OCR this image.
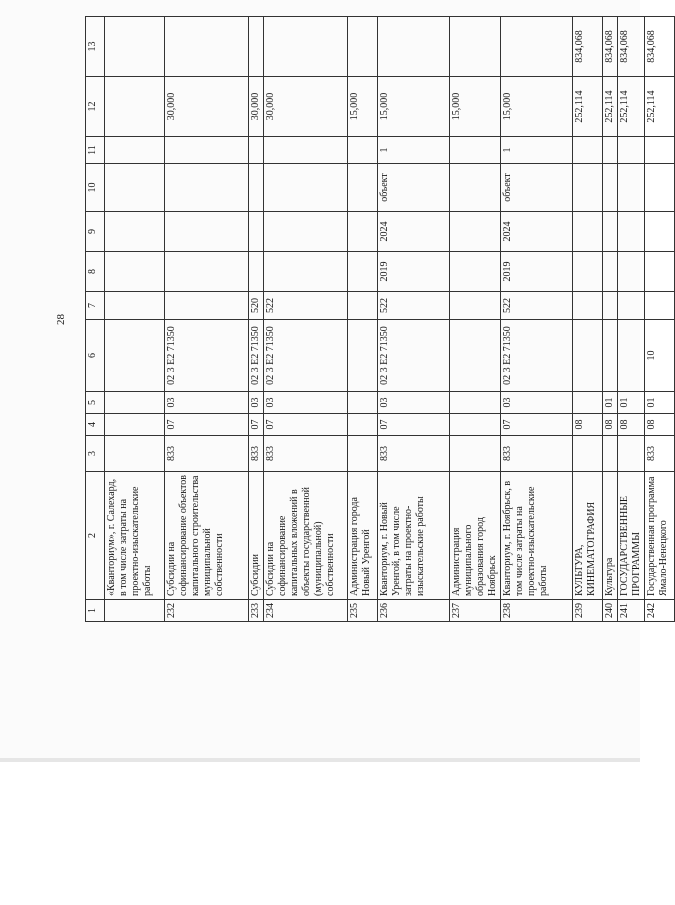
28
1	2	3	4	5	6	7	8	9	10	11	12	13
	«Кванториум», г. Салехард, в том числе затраты на проектно-изыскательские работы											
232	Субсидии на софинансирование объектов капитального строительства муниципальной собственности	833	07	03	02 3 E2 71350						30,000	
233	Субсидии	833	07	03	02 3 E2 71350	520					30,000	
234	Субсидии на софинансирование капитальных вложений в объекты государственной (муниципальной) собственности	833	07	03	02 3 E2 71350	522					30,000	
235	Администрация города Новый Уренгой										15,000	
236	Кванториум, г. Новый Уренгой, в том числе затраты на проектно-изыскательские работы	833	07	03	02 3 E2 71350	522	2019	2024	объект	1	15,000	
237	Администрация муниципального образования город Ноябрьск										15,000	
238	Кванториум, г. Ноябрьск, в том числе затраты на проектно-изыскательские работы	833	07	03	02 3 E2 71350	522	2019	2024	объект	1	15,000	
239	КУЛЬТУРА, КИНЕМАТОГРАФИЯ		08								252,114	834,068
240	Культура		08	01							252,114	834,068
241	ГОСУДАРСТВЕННЫЕ ПРОГРАММЫ		08	01							252,114	834,068
242	Государственная программа Ямало-Ненецкого	833	08	01	10						252,114	834,068
